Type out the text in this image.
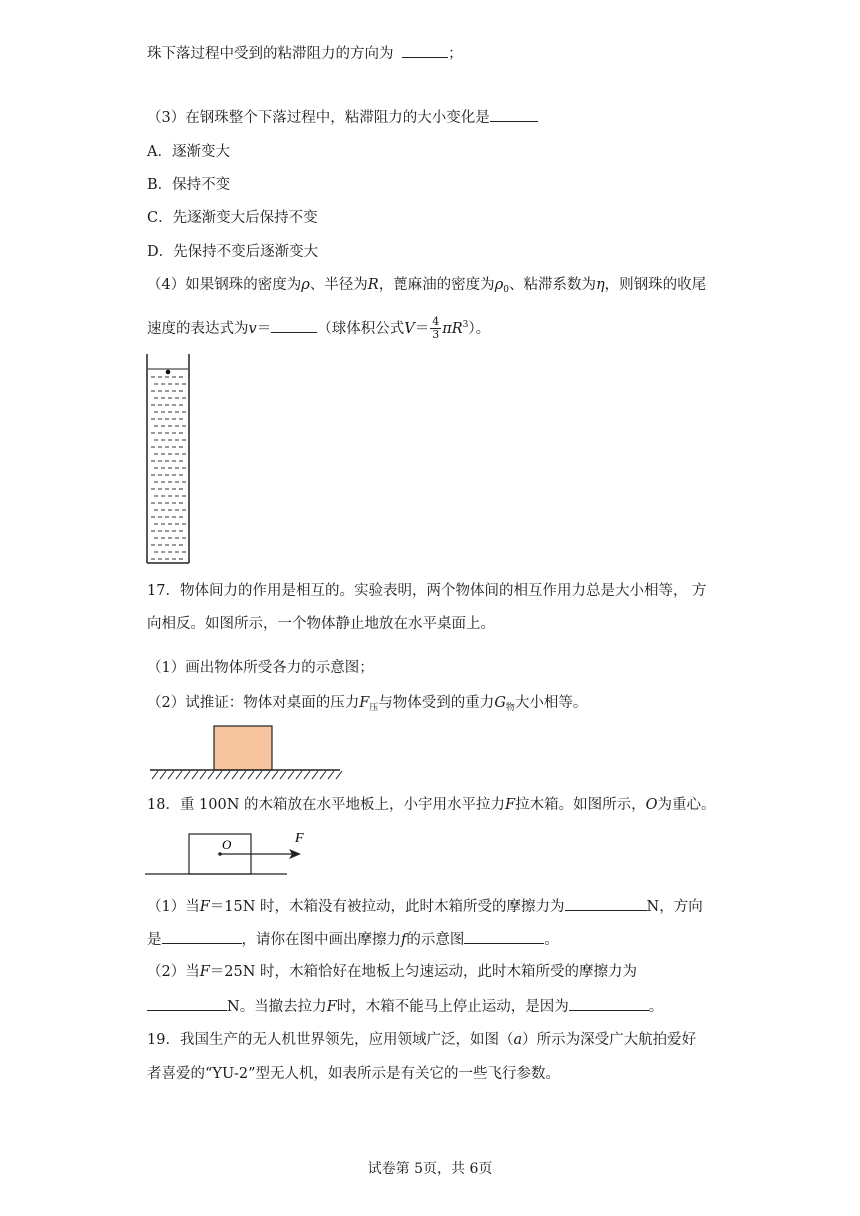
珠下落过程中受到的粘滞阻力的方向为	；
（3）在钢珠整个下落过程中，粘滞阻力的大小变化是
A．逐渐变大
B．保持不变
C．先逐渐变大后保持不变
D．先保持不变后逐渐变大
（4）如果钢珠的密度为ρ、半径为R，蓖麻油的密度为$\rho_0$、粘滞系数为η，则钢珠的收尾
速度的表达式为v＝	（球体积公式$V= \frac{4}{3} \pi R^3$）。
17．物体间力的作用是相互的。实验表明，两个物体间的相互作用力总是大小相等， 方
向相反。如图所示，一个物体静止地放在水平桌面上。
（1）画出物体所受各力的示意图；
（2）试推证：物体对桌面的压力$F_压$与物体受到的重力$G_物$大小相等。
18．重 100N 的木箱放在水平地板上，小宇用水平拉力F拉木箱。如图所示，O为重心。
O	F
（1）当F＝15N 时，木箱没有被拉动，此时木箱所受的摩擦力为	N，方向
是	，请你在图中画出摩擦力f的示意图	。
（2）当F＝25N 时，木箱恰好在地板上匀速运动，此时木箱所受的摩擦力为
N。当撤去拉力F时，木箱不能马上停止运动，是因为	。
19．我国生产的无人机世界领先，应用领域广泛，如图（a）所示为深受广大航拍爱好
者喜爱的“YU-2”型无人机，如表所示是有关它的一些飞行参数。
试卷第 5页，共 6页
